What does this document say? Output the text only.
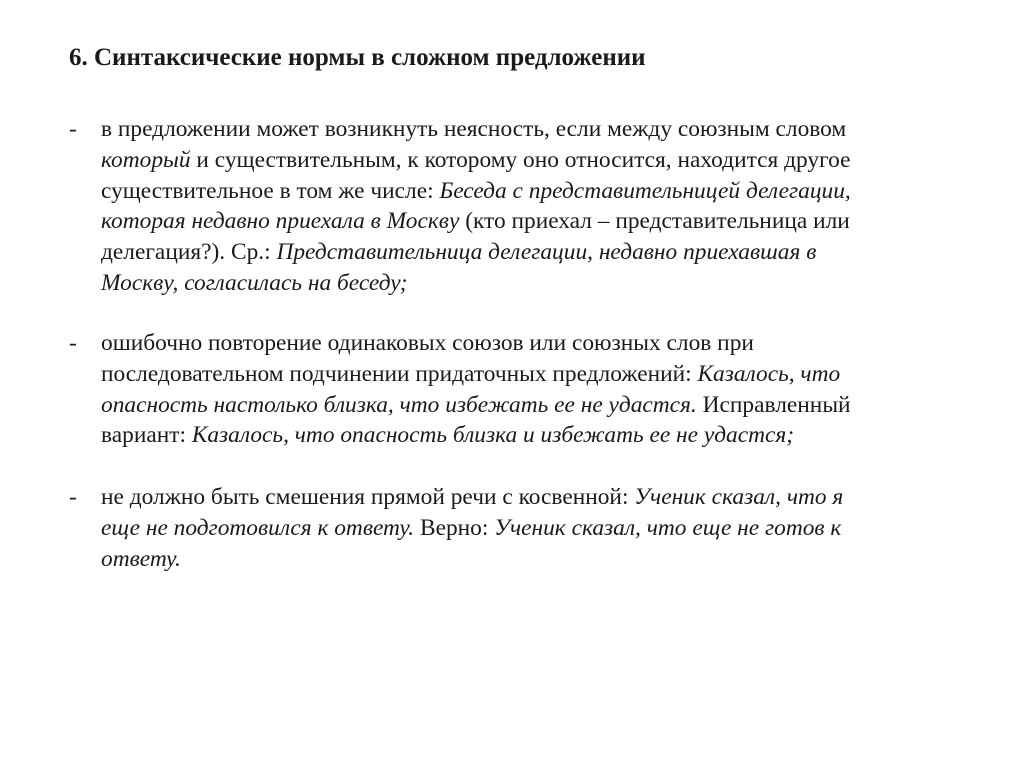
6. Синтаксические нормы в сложном предложении
- в предложении может возникнуть неясность, если между союзным словом
который и существительным, к которому оно относится, находится другое
существительное в том же числе: Беседа с представительницей делегации,
которая недавно приехала в Москву (кто приехал – представительница или
делегация?). Ср.: Представительница делегации, недавно приехавшая в
Москву, согласилась на беседу;
- ошибочно повторение одинаковых союзов или союзных слов при
последовательном подчинении придаточных предложений: Казалось, что
опасность настолько близка, что избежать ее не удастся. Исправленный
вариант: Казалось, что опасность близка и избежать ее не удастся;
- не должно быть смешения прямой речи с косвенной: Ученик сказал, что я
еще не подготовился к ответу. Верно: Ученик сказал, что еще не готов к
ответу.
